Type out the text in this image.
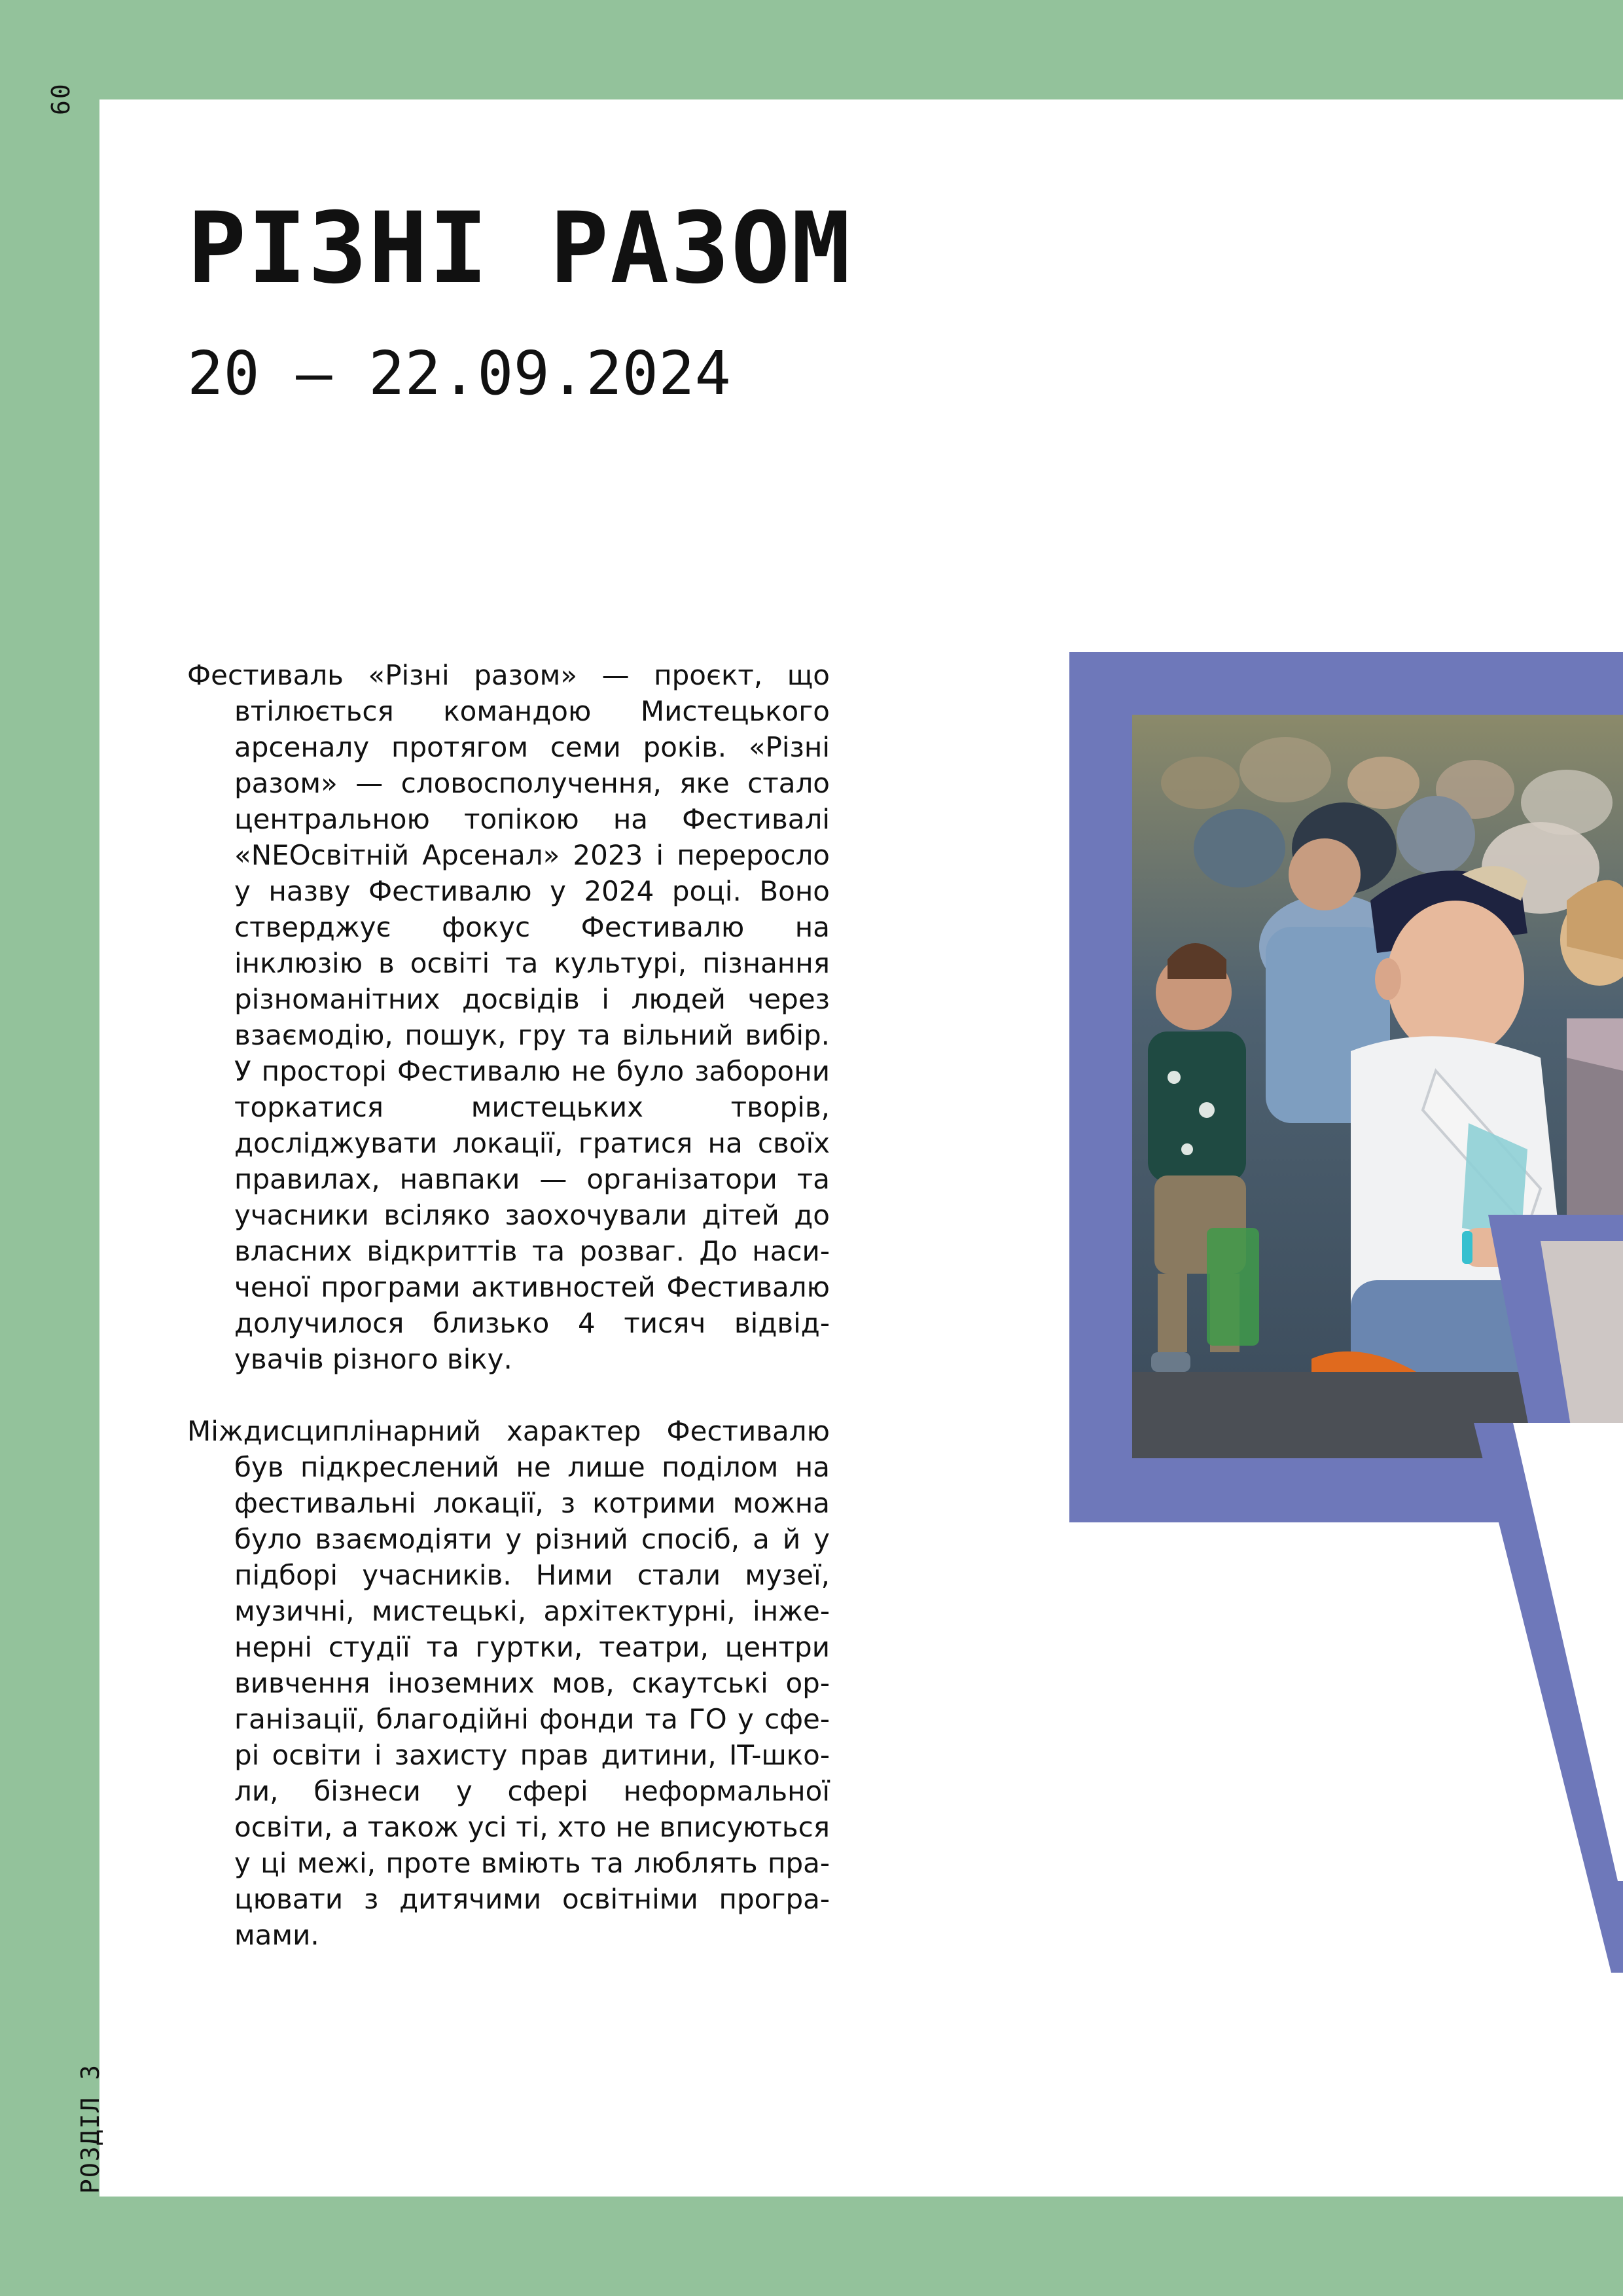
РІЗНІ РАЗОМ
20 — 22.09.2024

Фестиваль «Різні разом» — проєкт, що втілюється командою Мистецького арсеналу протягом семи років. «Різні разом» — словосполучення, яке стало центральною топікою на Фестивалі «NEOсвітній Арсенал» 2023 і переросло у назву Фестивалю у 2024 році. Воно стверджує фокус Фестивалю на інклюзію в освіті та культурі, пізнання різноманітних досвідів і людей через взаємодію, пошук, гру та вільний вибір. У просторі Фестивалю не було заборони торкатися мистецьких творів, досліджувати локації, гратися на своїх правилах, навпаки — організатори та учасники всіляко заохочували дітей до власних відкриттів та розваг. До насиченої програми активностей Фестивалю долучилося близько 4 тисяч відвідувачів різного віку.

Міждисциплінарний характер Фестивалю був підкреслений не лише поділом на фестивальні локації, з котрими можна було взаємодіяти у різний спосіб, а й у підборі учасників. Ними стали музеї, музичні, мистецькі, архітектурні, інженерні студії та гуртки, театри, центри вивчення іноземних мов, скаутські організації, благодійні фонди та ГО у сфері освіти і захисту прав дитини, IT-школи, бізнеси у сфері неформальної освіти, а також усі ті, хто не вписуються у ці межі, проте вміють та люблять працювати з дитячими освітніми програмами.

60
РОЗДІЛ 3
